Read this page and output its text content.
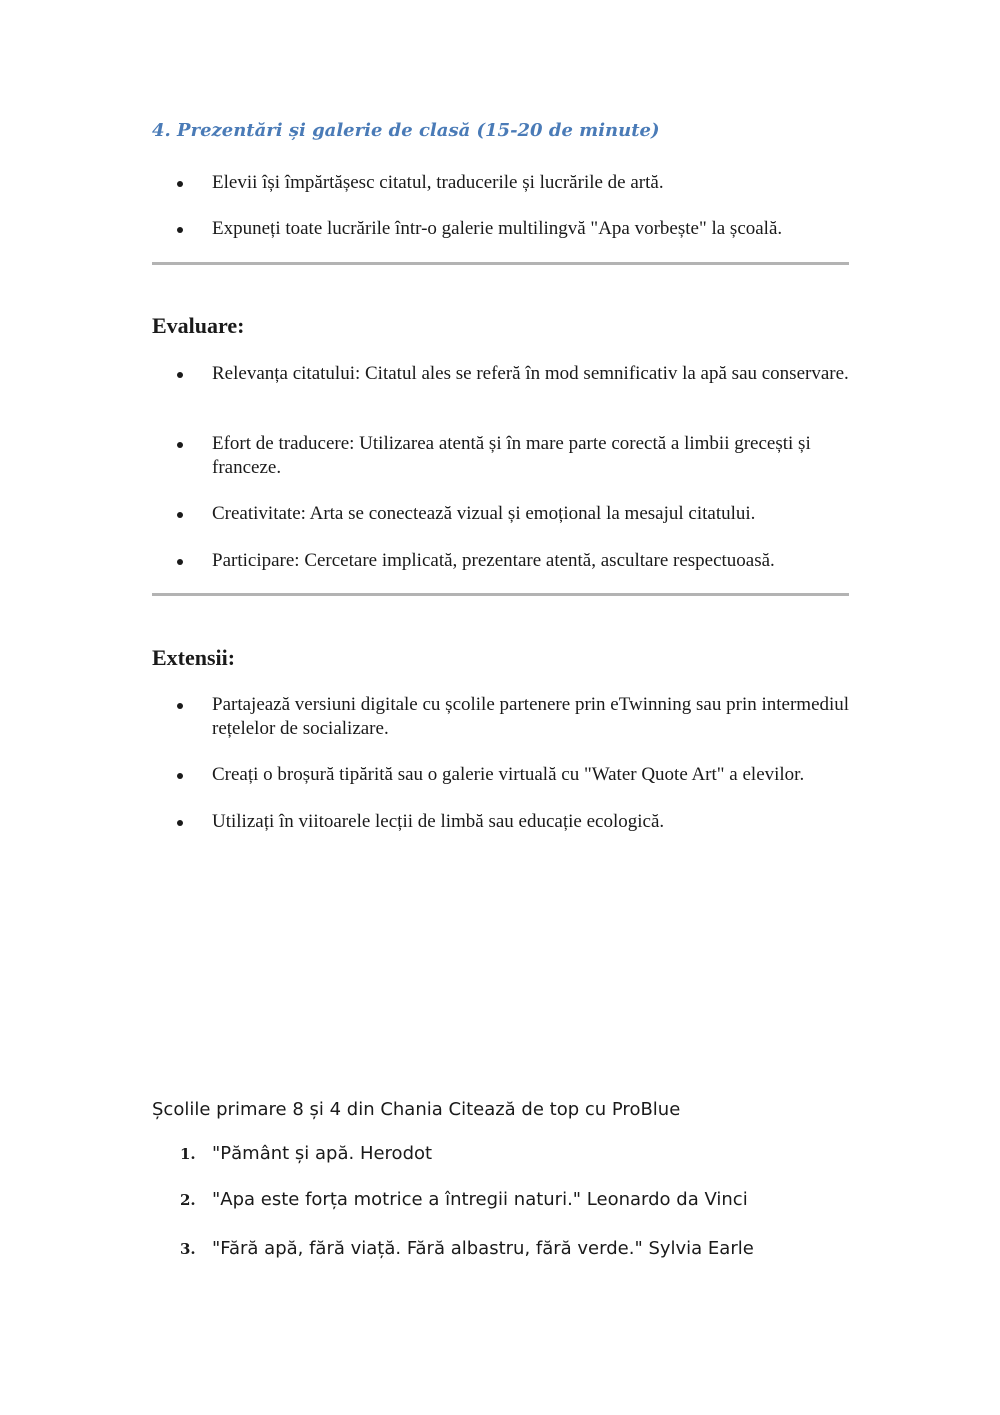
4. Prezentări și galerie de clasă (15-20 de minute)
Elevii își împărtășesc citatul, traducerile și lucrările de artă.
Expuneți toate lucrările într-o galerie multilingvă "Apa vorbește" la școală.
Evaluare:
Relevanța citatului: Citatul ales se referă în mod semnificativ la apă sau conservare.
Efort de traducere: Utilizarea atentă și în mare parte corectă a limbii grecești și franceze.
Creativitate: Arta se conectează vizual și emoțional la mesajul citatului.
Participare: Cercetare implicată, prezentare atentă, ascultare respectuoasă.
Extensii:
Partajează versiuni digitale cu școlile partenere prin eTwinning sau prin intermediul rețelelor de socializare.
Creați o broșură tipărită sau o galerie virtuală cu "Water Quote Art" a elevilor.
Utilizați în viitoarele lecții de limbă sau educație ecologică.

Școlile primare 8 și 4 din Chania Citează de top cu ProBlue

1. "Pământ și apă. Herodot
2. "Apa este forța motrice a întregii naturi." Leonardo da Vinci
3. "Fără apă, fără viață. Fără albastru, fără verde." Sylvia Earle
